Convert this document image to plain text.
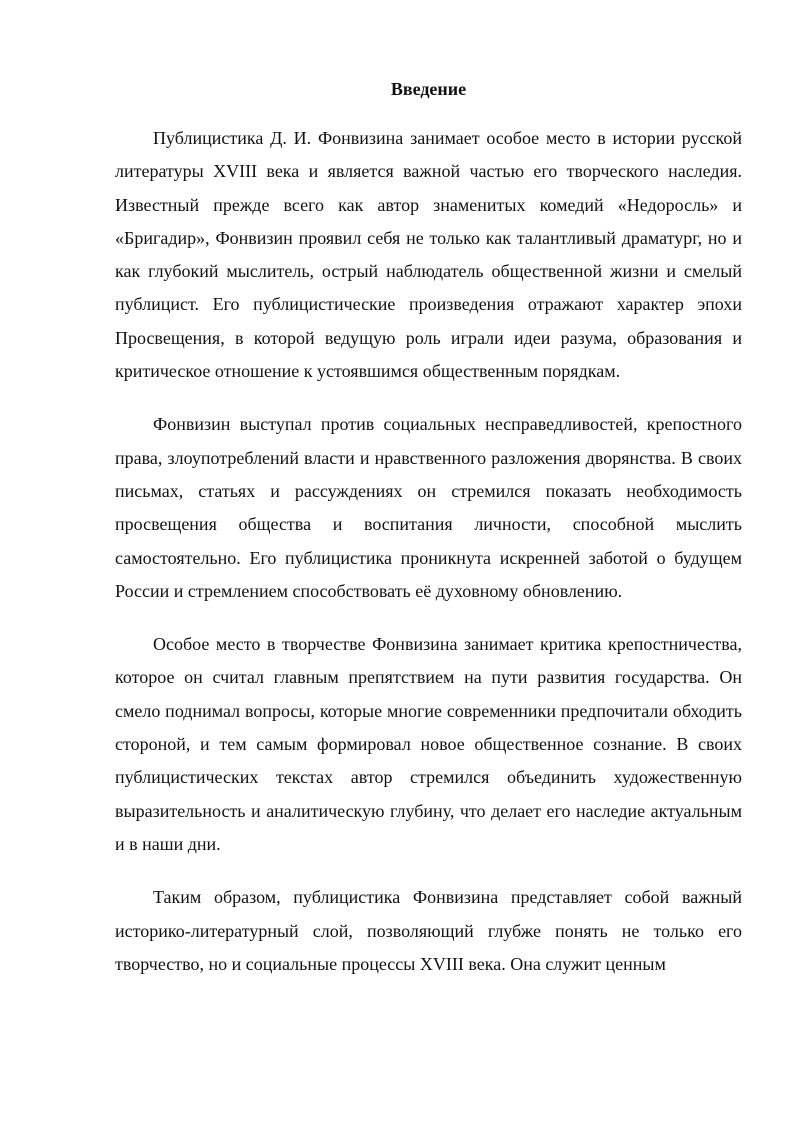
Введение

Публицистика Д. И. Фонвизина занимает особое место в истории русской литературы XVIII века и является важной частью его творческого наследия. Известный прежде всего как автор знаменитых комедий «Недоросль» и «Бригадир», Фонвизин проявил себя не только как талантливый драматург, но и как глубокий мыслитель, острый наблюдатель общественной жизни и смелый публицист. Его публицистические произведения отражают характер эпохи Просвещения, в которой ведущую роль играли идеи разума, образования и критическое отношение к устоявшимся общественным порядкам.

Фонвизин выступал против социальных несправедливостей, крепостного права, злоупотреблений власти и нравственного разложения дворянства. В своих письмах, статьях и рассуждениях он стремился показать необходимость просвещения общества и воспитания личности, способной мыслить самостоятельно. Его публицистика проникнута искренней заботой о будущем России и стремлением способствовать её духовному обновлению.

Особое место в творчестве Фонвизина занимает критика крепостничества, которое он считал главным препятствием на пути развития государства. Он смело поднимал вопросы, которые многие современники предпочитали обходить стороной, и тем самым формировал новое общественное сознание. В своих публицистических текстах автор стремился объединить художественную выразительность и аналитическую глубину, что делает его наследие актуальным и в наши дни.

Таким образом, публицистика Фонвизина представляет собой важный историко-литературный слой, позволяющий глубже понять не только его творчество, но и социальные процессы XVIII века. Она служит ценным
